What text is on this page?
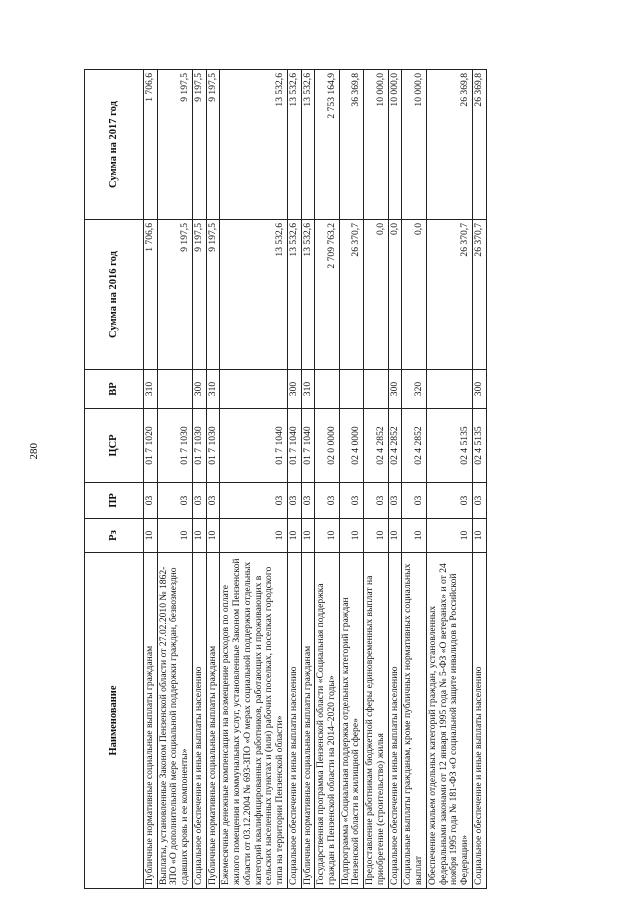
280
Наименование	Рз	ПР	ЦСР	ВР	Сумма на 2016 год	Сумма на 2017 год
Публичные нормативные социальные выплаты гражданам	10	03	01 7 1020	310	1 706,6	1 706,6
Выплаты, установленные Законом Пензенской области от 27.02.2010 № 1862-ЗПО «О дополнительной мере социальной поддержки граждан, безвозмездно сдавших кровь и ее компоненты»	10	03	01 7 1030		9 197,5	9 197,5
Социальное обеспечение и иные выплаты населению	10	03	01 7 1030	300	9 197,5	9 197,5
Публичные нормативные социальные выплаты гражданам	10	03	01 7 1030	310	9 197,5	9 197,5
Ежемесячные денежные компенсации на возмещение расходов по оплате жилого помещения и коммунальных услуг, установленные Законом Пензенской области от 03.12.2004 № 693-ЗПО «О мерах социальной поддержки отдельных категорий квалифицированных работников, работающих и проживающих в сельских населенных пунктах и (или) рабочих поселках, поселках городского типа на территории Пензенской области»	10	03	01 7 1040		13 532,6	13 532,6
Социальное обеспечение и иные выплаты населению	10	03	01 7 1040	300	13 532,6	13 532,6
Публичные нормативные социальные выплаты гражданам	10	03	01 7 1040	310	13 532,6	13 532,6
Государственная программа Пензенской области «Социальная поддержка граждан в Пензенской области на 2014–2020 годы»	10	03	02 0 0000		2 709 763,2	2 753 164,9
Подпрограмма «Социальная поддержка отдельных категорий граждан Пензенской области в жилищной сфере»	10	03	02 4 0000		26 370,7	36 369,8
Предоставление работникам бюджетной сферы единовременных выплат на приобретение (строительство) жилья	10	03	02 4 2852		0,0	10 000,0
Социальное обеспечение и иные выплаты населению	10	03	02 4 2852	300	0,0	10 000,0
Социальные выплаты гражданам, кроме публичных нормативных социальных выплат	10	03	02 4 2852	320	0,0	10 000,0
Обеспечение жильем отдельных категорий граждан, установленных федеральными законами от 12 января 1995 года № 5-ФЗ «О ветеранах» и от 24 ноября 1995 года № 181-ФЗ «О социальной защите инвалидов в Российской Федерации»	10	03	02 4 5135		26 370,7	26 369,8
Социальное обеспечение и иные выплаты населению	10	03	02 4 5135	300	26 370,7	26 369,8
